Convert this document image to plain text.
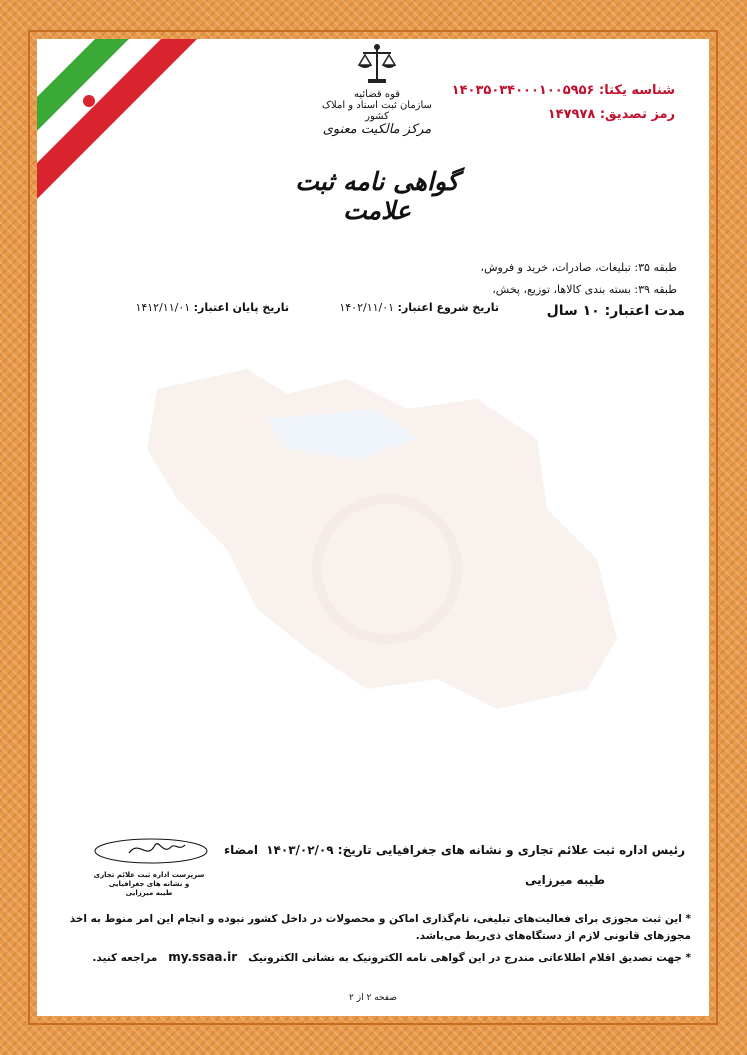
قوه قضائیه
سازمان ثبت اسناد و املاک کشور
مرکز مالکیت معنوی
گواهی نامه ثبت علامت
شناسه یکتا: ۱۴۰۳۵۰۳۴۰۰۰۱۰۰۵۹۵۶
رمز تصدیق: ۱۴۷۹۷۸
طبقه ۳۵: تبلیغات، صادرات، خرید و فروش،
طبقه ۳۹: بسته بندی کالاها، توزیع، پخش،
مدت اعتبار: ۱۰ سال
تاریخ شروع اعتبار: ۱۴۰۲/۱۱/۰۱
تاریخ پایان اعتبار: ۱۴۱۲/۱۱/۰۱
رئیس اداره ثبت علائم تجاری و نشانه های جغرافیایی تاریخ: ۱۴۰۳/۰۲/۰۹
امضاء
طیبه میرزایی
سرپرست اداره ثبت علائم تجاری
و نشانه های جغرافیایی
طیبه میرزایی

* این ثبت مجوزی برای فعالیت‌های تبلیغی، نام‌گذاری اماکن و محصولات در داخل کشور نبوده و انجام این امر منوط به اخذ مجوزهای قانونی لازم از دستگاه‌های ذی‌ربط می‌باشد.

* جهت تصدیق اقلام اطلاعاتی مندرج در این گواهی نامه الکترونیک به نشانی الکترونیک   my.ssaa.ir   مراجعه کنید.

صفحه ۲ از ۲
